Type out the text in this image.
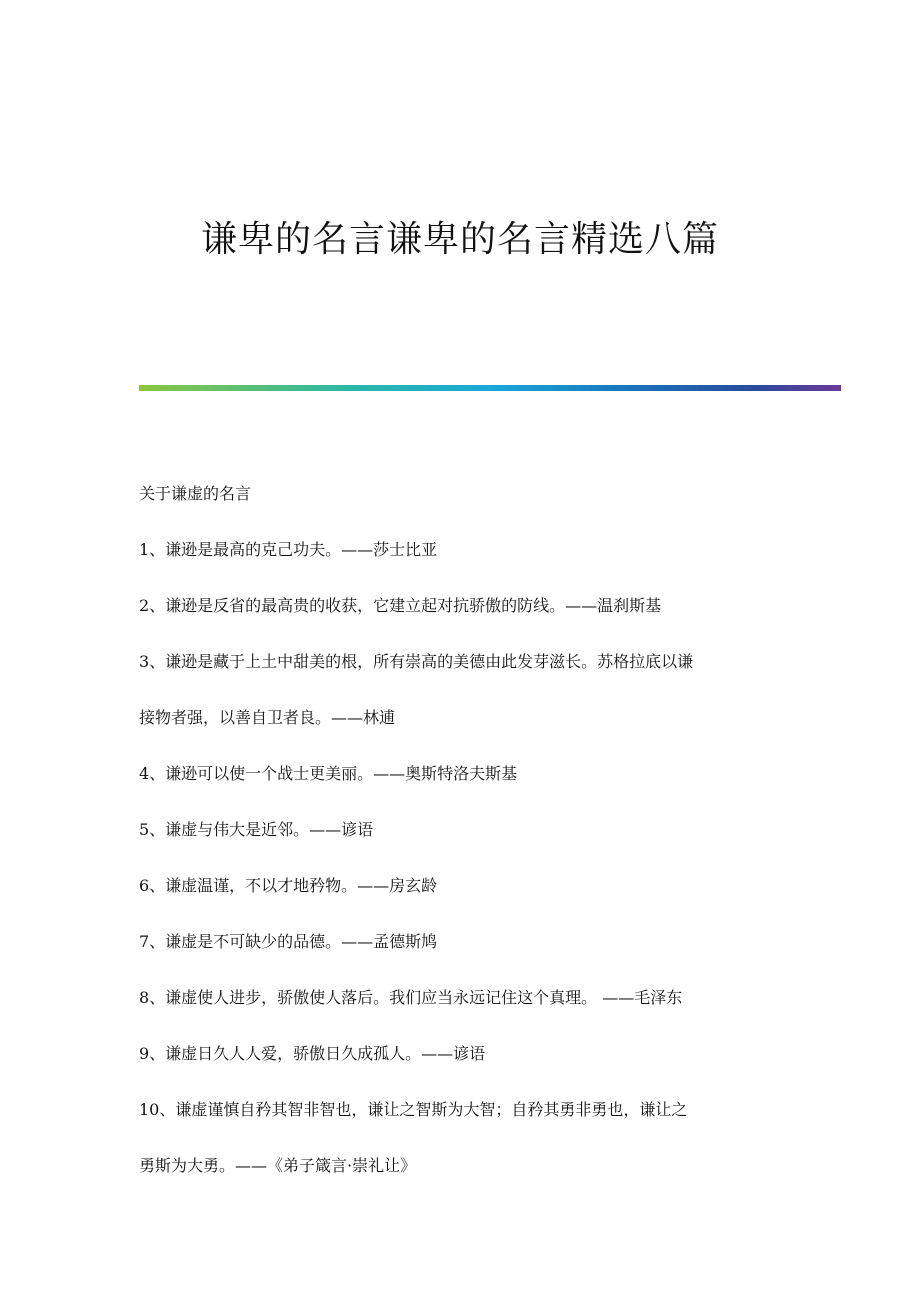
谦卑的名言谦卑的名言精选八篇
关于谦虚的名言
1、谦逊是最高的克己功夫。——莎士比亚
2、谦逊是反省的最高贵的收获，它建立起对抗骄傲的防线。——温刹斯基
3、谦逊是藏于上土中甜美的根，所有崇高的美德由此发芽滋长。苏格拉底以谦
接物者强，以善自卫者良。——林逋
4、谦逊可以使一个战士更美丽。——奥斯特洛夫斯基
5、谦虚与伟大是近邻。——谚语
6、谦虚温谨，不以才地矜物。——房玄龄
7、谦虚是不可缺少的品德。——孟德斯鸠
8、谦虚使人进步，骄傲使人落后。我们应当永远记住这个真理。 ——毛泽东
9、谦虚日久人人爱，骄傲日久成孤人。——谚语
10、谦虚谨慎自矜其智非智也，谦让之智斯为大智；自矜其勇非勇也，谦让之
勇斯为大勇。——《弟子箴言·崇礼让》
